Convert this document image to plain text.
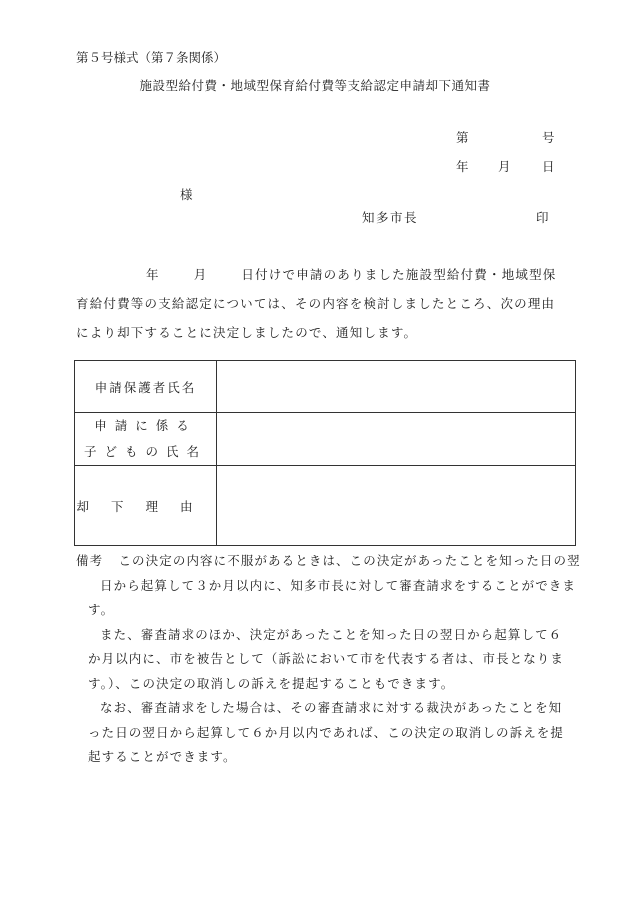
第５号様式（第７条関係）
施設型給付費・地域型保育給付費等支給認定申請却下通知書
第	号
年 月	日
様
知多市長	印
年	月	日付けで申請のありました施設型給付費・地域型保
育給付費等の支給認定については、その内容を検討しましたところ、次の理由
により却下することに決定しましたので、通知します。
申請保護者氏名	

申請に係る
子どもの氏名	

却下理由	
備考 この決定の内容に不服があるときは、この決定があったことを知った日の翌
日から起算して３か月以内に、知多市長に対して審査請求をすることができま
す。
また、審査請求のほか、決定があったことを知った日の翌日から起算して６
か月以内に、市を被告として（訴訟において市を代表する者は、市長となりま
す。）、この決定の取消しの訴えを提起することもできます。
なお、審査請求をした場合は、その審査請求に対する裁決があったことを知
った日の翌日から起算して６か月以内であれば、この決定の取消しの訴えを提
起することができます。
